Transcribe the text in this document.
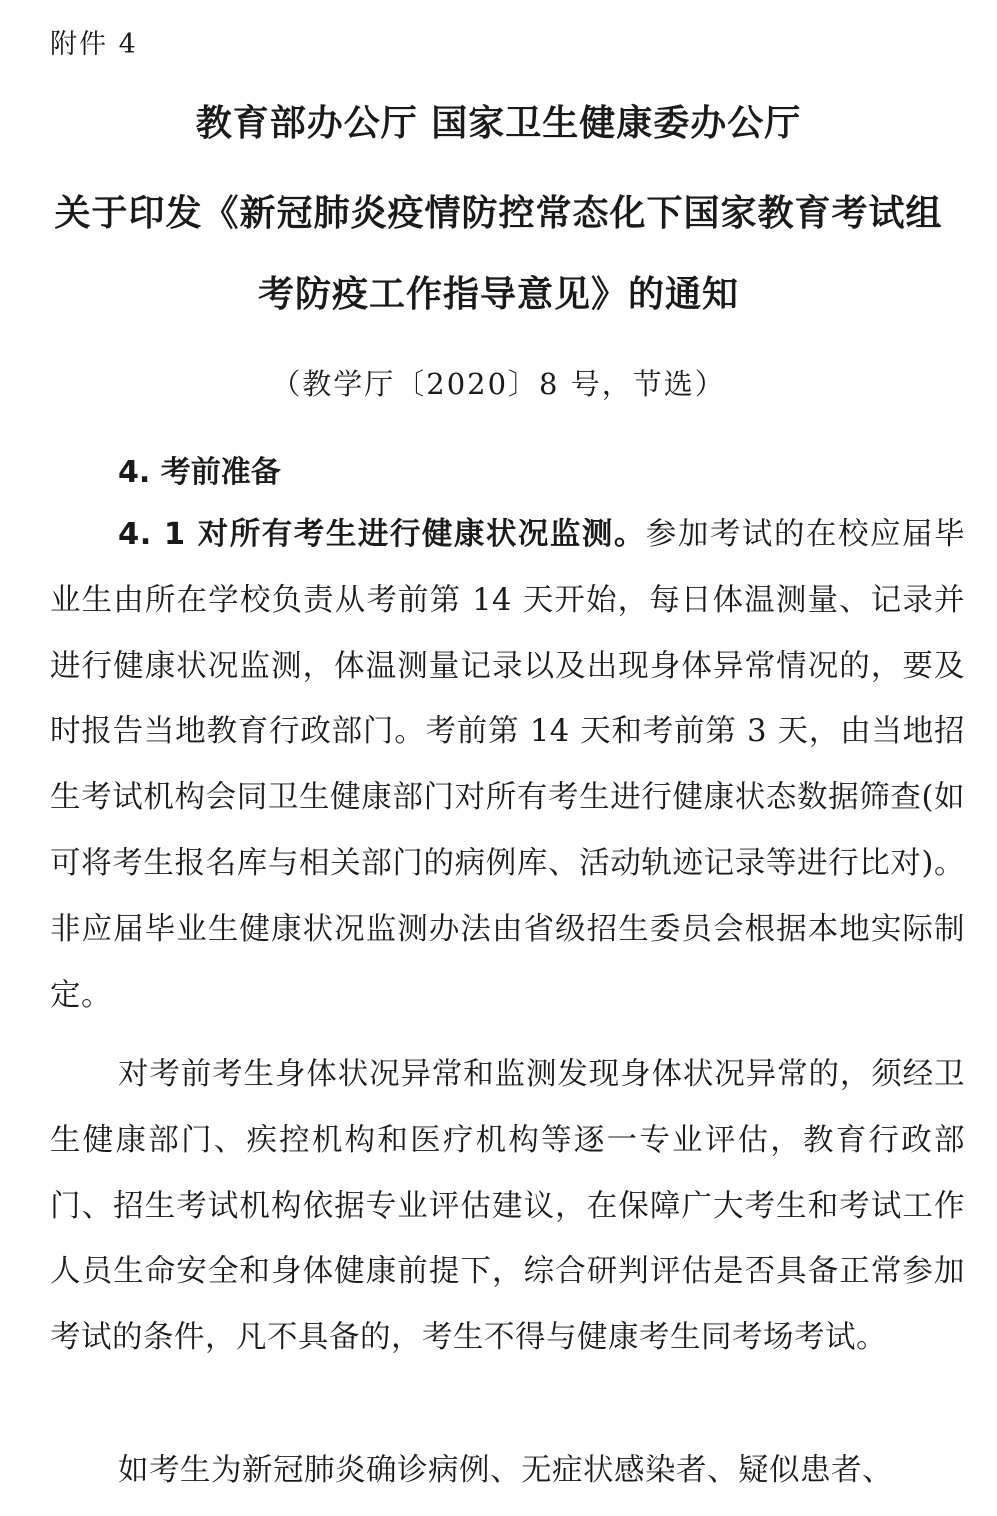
附件 4
教育部办公厅 国家卫生健康委办公厅
关于印发《新冠肺炎疫情防控常态化下国家教育考试组
考防疫工作指导意见》的通知
（教学厅〔2020〕8 号，节选）
4. 考前准备
4. 1 对所有考生进行健康状况监测。参加考试的在校应届毕业生由所在学校负责从考前第 14 天开始，每日体温测量、记录并进行健康状况监测，体温测量记录以及出现身体异常情况的，要及时报告当地教育行政部门。考前第 14 天和考前第 3 天，由当地招生考试机构会同卫生健康部门对所有考生进行健康状态数据筛查(如可将考生报名库与相关部门的病例库、活动轨迹记录等进行比对)。非应届毕业生健康状况监测办法由省级招生委员会根据本地实际制定。
对考前考生身体状况异常和监测发现身体状况异常的，须经卫生健康部门、疾控机构和医疗机构等逐一专业评估，教育行政部门、招生考试机构依据专业评估建议，在保障广大考生和考试工作人员生命安全和身体健康前提下，综合研判评估是否具备正常参加考试的条件，凡不具备的，考生不得与健康考生同考场考试。
如考生为新冠肺炎确诊病例、无症状感染者、疑似患者、
